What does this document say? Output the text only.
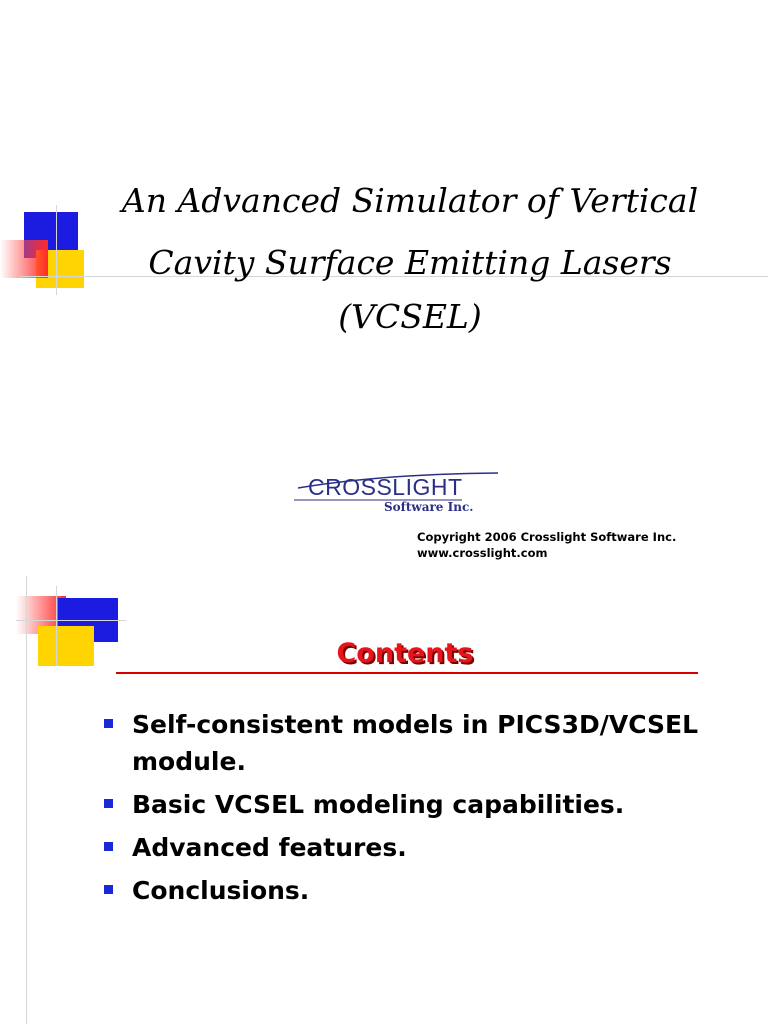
An Advanced Simulator of Vertical
Cavity Surface Emitting Lasers
(VCSEL)
CROSSLIGHT
Software Inc.
Copyright 2006 Crosslight Software Inc.
www.crosslight.com
Contents
Self-consistent models in PICS3D/VCSEL module.
Basic VCSEL modeling capabilities.
Advanced features.
Conclusions.
